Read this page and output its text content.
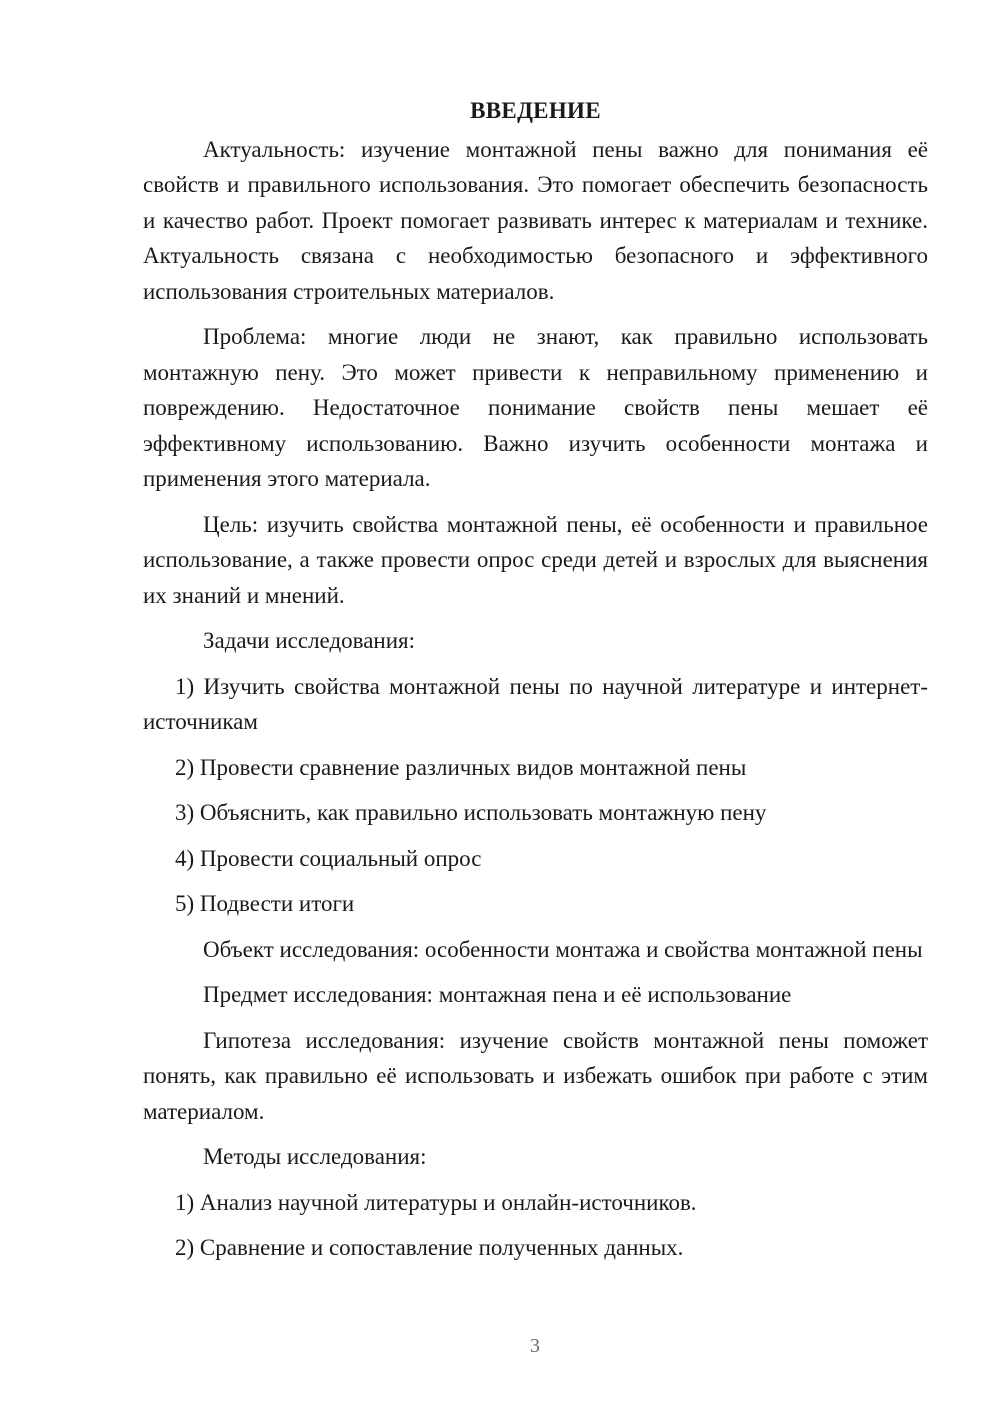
ВВЕДЕНИЕ

Актуальность: изучение монтажной пены важно для понимания её свойств и правильного использования. Это помогает обеспечить безопасность и качество работ. Проект помогает развивать интерес к материалам и технике. Актуальность связана с необходимостью безопасного и эффективного использования строительных материалов.

Проблема: многие люди не знают, как правильно использовать монтажную пену. Это может привести к неправильному применению и повреждению. Недостаточное понимание свойств пены мешает её эффективному использованию. Важно изучить особенности монтажа и применения этого материала.

Цель: изучить свойства монтажной пены, её особенности и правильное использование, а также провести опрос среди детей и взрослых для выяснения их знаний и мнений.

Задачи исследования:

1) Изучить свойства монтажной пены по научной литературе и интернет-источникам

2) Провести сравнение различных видов монтажной пены

3) Объяснить, как правильно использовать монтажную пену

4) Провести социальный опрос

5) Подвести итоги

Объект исследования: особенности монтажа и свойства монтажной пены

Предмет исследования: монтажная пена и её использование

Гипотеза исследования: изучение свойств монтажной пены поможет понять, как правильно её использовать и избежать ошибок при работе с этим материалом.

Методы исследования:

1) Анализ научной литературы и онлайн-источников.

2) Сравнение и сопоставление полученных данных.

3
